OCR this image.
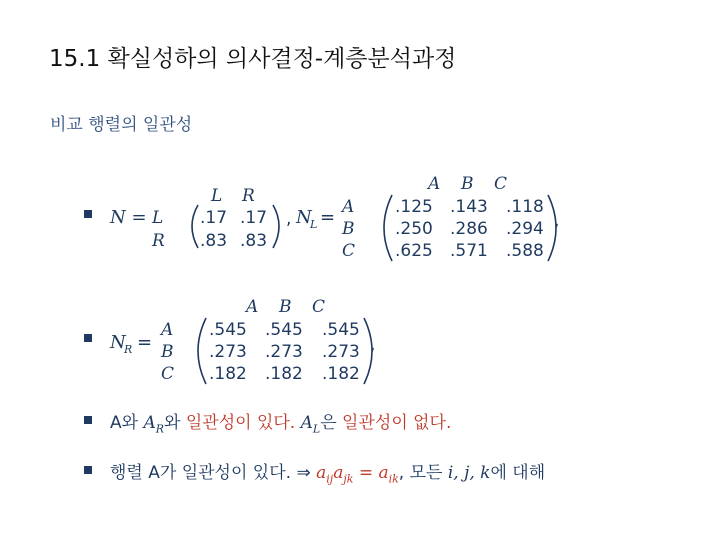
15.1 확실성하의 의사결정-계층분석과정
비교 행렬의 일관성
N = L
R
L R
.17 .17
.83 .83
, N
L = A
B
C
A B C
.125 .143 .118
.250 .286 .294
.625 .571 .588
,
N
R =
A
B
C
A B C
.545 .545 .545
.273 .273 .273
.182 .182 .182
,
A와 $A_R$와 일관성이 있다. $A_L$은 일관성이 없다.
행렬 A가 일관성이 있다. ⇒ $a_{ij}a_{jk} = a_{ik}$, 모든 i, j, k에 대해
